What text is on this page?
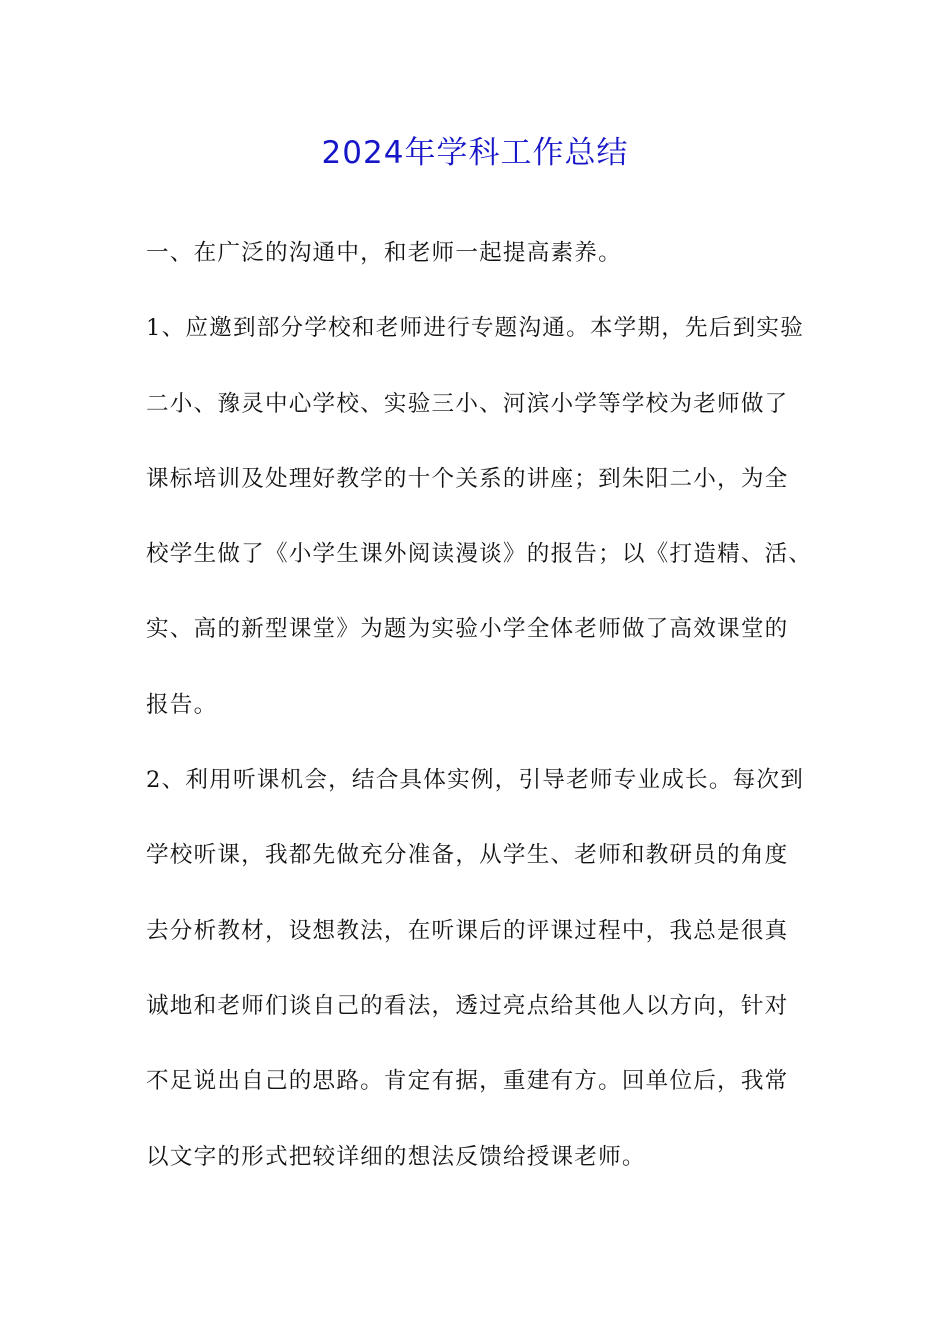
2024年学科工作总结
一、在广泛的沟通中，和老师一起提高素养。
1、应邀到部分学校和老师进行专题沟通。本学期，先后到实验
二小、豫灵中心学校、实验三小、河滨小学等学校为老师做了
课标培训及处理好教学的十个关系的讲座；到朱阳二小，为全
校学生做了《小学生课外阅读漫谈》的报告；以《打造精、活、
实、高的新型课堂》为题为实验小学全体老师做了高效课堂的
报告。
2、利用听课机会，结合具体实例，引导老师专业成长。每次到
学校听课，我都先做充分准备，从学生、老师和教研员的角度
去分析教材，设想教法，在听课后的评课过程中，我总是很真
诚地和老师们谈自己的看法，透过亮点给其他人以方向，针对
不足说出自己的思路。肯定有据，重建有方。回单位后，我常
以文字的形式把较详细的想法反馈给授课老师。
